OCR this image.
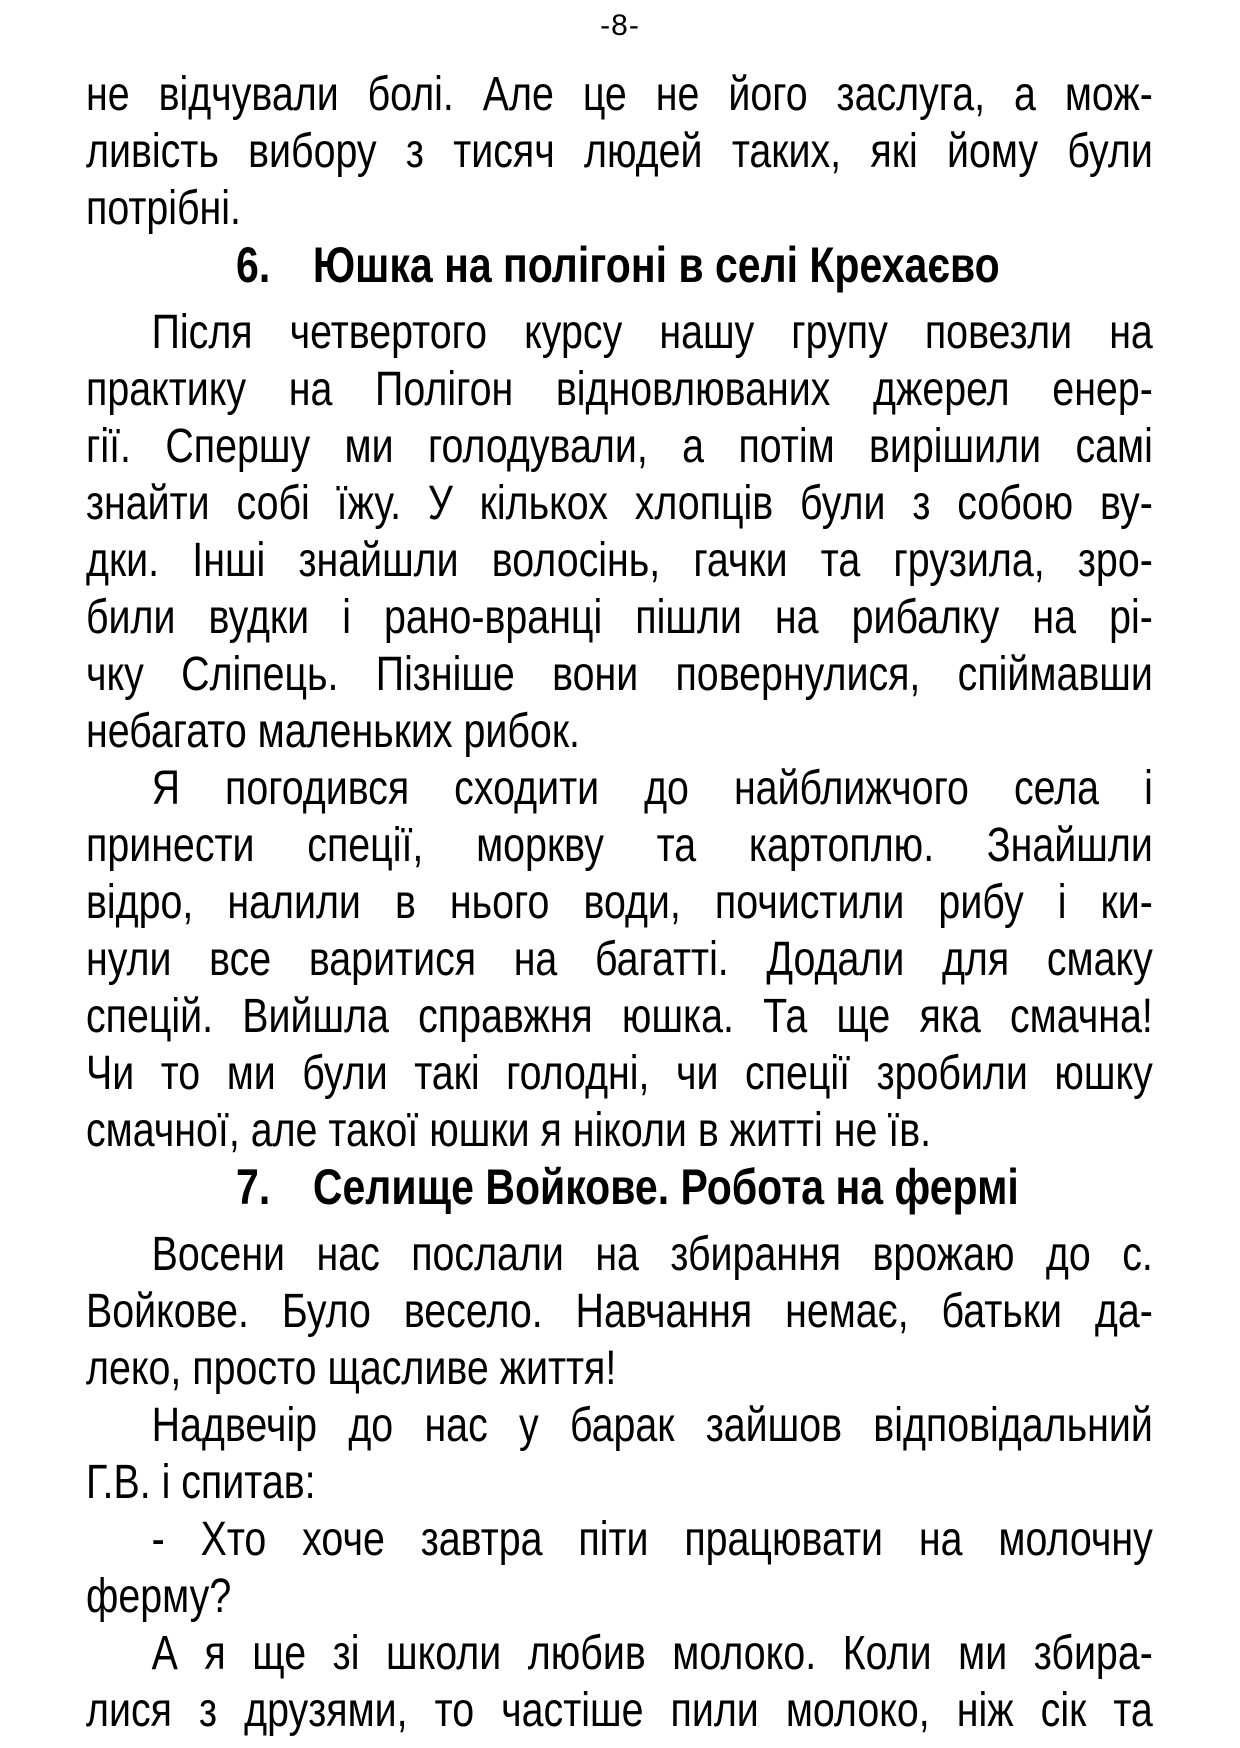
-8-
не відчували болі. Але це не його заслуга, а мож-
ливість вибору з тисяч людей таких, які йому були
потрібні.
6. Юшка на полігоні в селі Крехаєво
Після четвертого курсу нашу групу повезли на
практику на Полігон відновлюваних джерел енер-
гії. Спершу ми голодували, а потім вирішили самі
знайти собі їжу. У кількох хлопців були з собою ву-
дки. Інші знайшли волосінь, гачки та грузила, зро-
били вудки і рано-вранці пішли на рибалку на рі-
чку Сліпець. Пізніше вони повернулися, спіймавши
небагато маленьких рибок.
Я погодився сходити до найближчого села і
принести спеції, моркву та картоплю. Знайшли
відро, налили в нього води, почистили рибу і ки-
нули все варитися на багатті. Додали для смаку
спецій. Вийшла справжня юшка. Та ще яка смачна!
Чи то ми були такі голодні, чи спеції зробили юшку
смачної, але такої юшки я ніколи в житті не їв.
7. Селище Войкове. Робота на фермі
Восени нас послали на збирання врожаю до с.
Войкове. Було весело. Навчання немає, батьки да-
леко, просто щасливе життя!
Надвечір до нас у барак зайшов відповідальний
Г.В. і спитав:
- Хто хоче завтра піти працювати на молочну
ферму?
А я ще зі школи любив молоко. Коли ми збира-
лися з друзями, то частіше пили молоко, ніж сік та
